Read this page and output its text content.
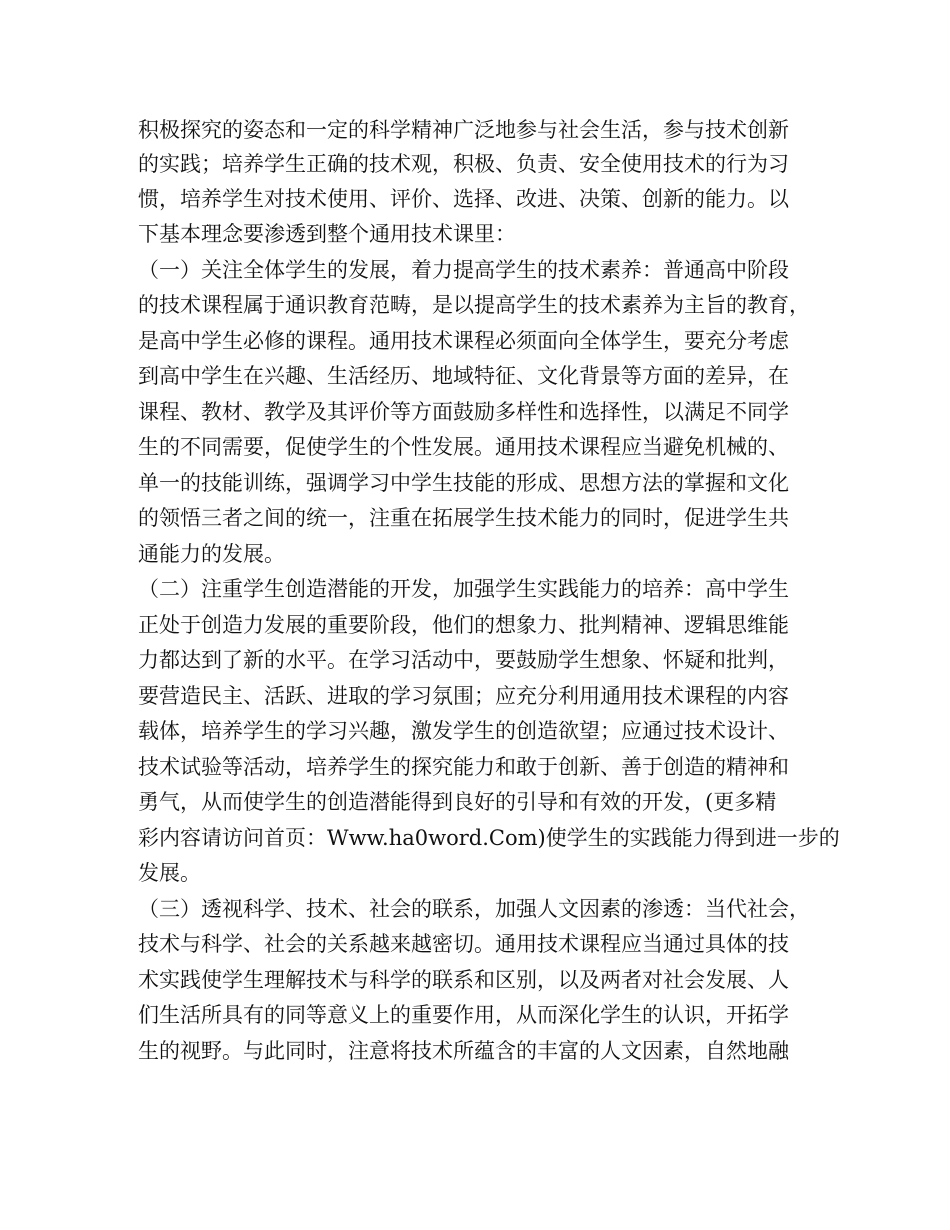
积极探究的姿态和一定的科学精神广泛地参与社会生活，参与技术创新

的实践；培养学生正确的技术观，积极、负责、安全使用技术的行为习

惯，培养学生对技术使用、评价、选择、改进、决策、创新的能力。以

下基本理念要渗透到整个通用技术课里：

（一）关注全体学生的发展，着力提高学生的技术素养：普通高中阶段

的技术课程属于通识教育范畴，是以提高学生的技术素养为主旨的教育，

是高中学生必修的课程。通用技术课程必须面向全体学生，要充分考虑

到高中学生在兴趣、生活经历、地域特征、文化背景等方面的差异，在

课程、教材、教学及其评价等方面鼓励多样性和选择性，以满足不同学

生的不同需要，促使学生的个性发展。通用技术课程应当避免机械的、

单一的技能训练，强调学习中学生技能的形成、思想方法的掌握和文化

的领悟三者之间的统一，注重在拓展学生技术能力的同时，促进学生共

通能力的发展。

（二）注重学生创造潜能的开发，加强学生实践能力的培养：高中学生

正处于创造力发展的重要阶段，他们的想象力、批判精神、逻辑思维能

力都达到了新的水平。在学习活动中，要鼓励学生想象、怀疑和批判，

要营造民主、活跃、进取的学习氛围；应充分利用通用技术课程的内容

载体，培养学生的学习兴趣，激发学生的创造欲望；应通过技术设计、

技术试验等活动，培养学生的探究能力和敢于创新、善于创造的精神和

勇气，从而使学生的创造潜能得到良好的引导和有效的开发，(更多精

彩内容请访问首页：Www.ha0word.Com)使学生的实践能力得到进一步的

发展。

（三）透视科学、技术、社会的联系，加强人文因素的渗透：当代社会，

技术与科学、社会的关系越来越密切。通用技术课程应当通过具体的技

术实践使学生理解技术与科学的联系和区别，以及两者对社会发展、人

们生活所具有的同等意义上的重要作用，从而深化学生的认识，开拓学

生的视野。与此同时，注意将技术所蕴含的丰富的人文因素，自然地融
